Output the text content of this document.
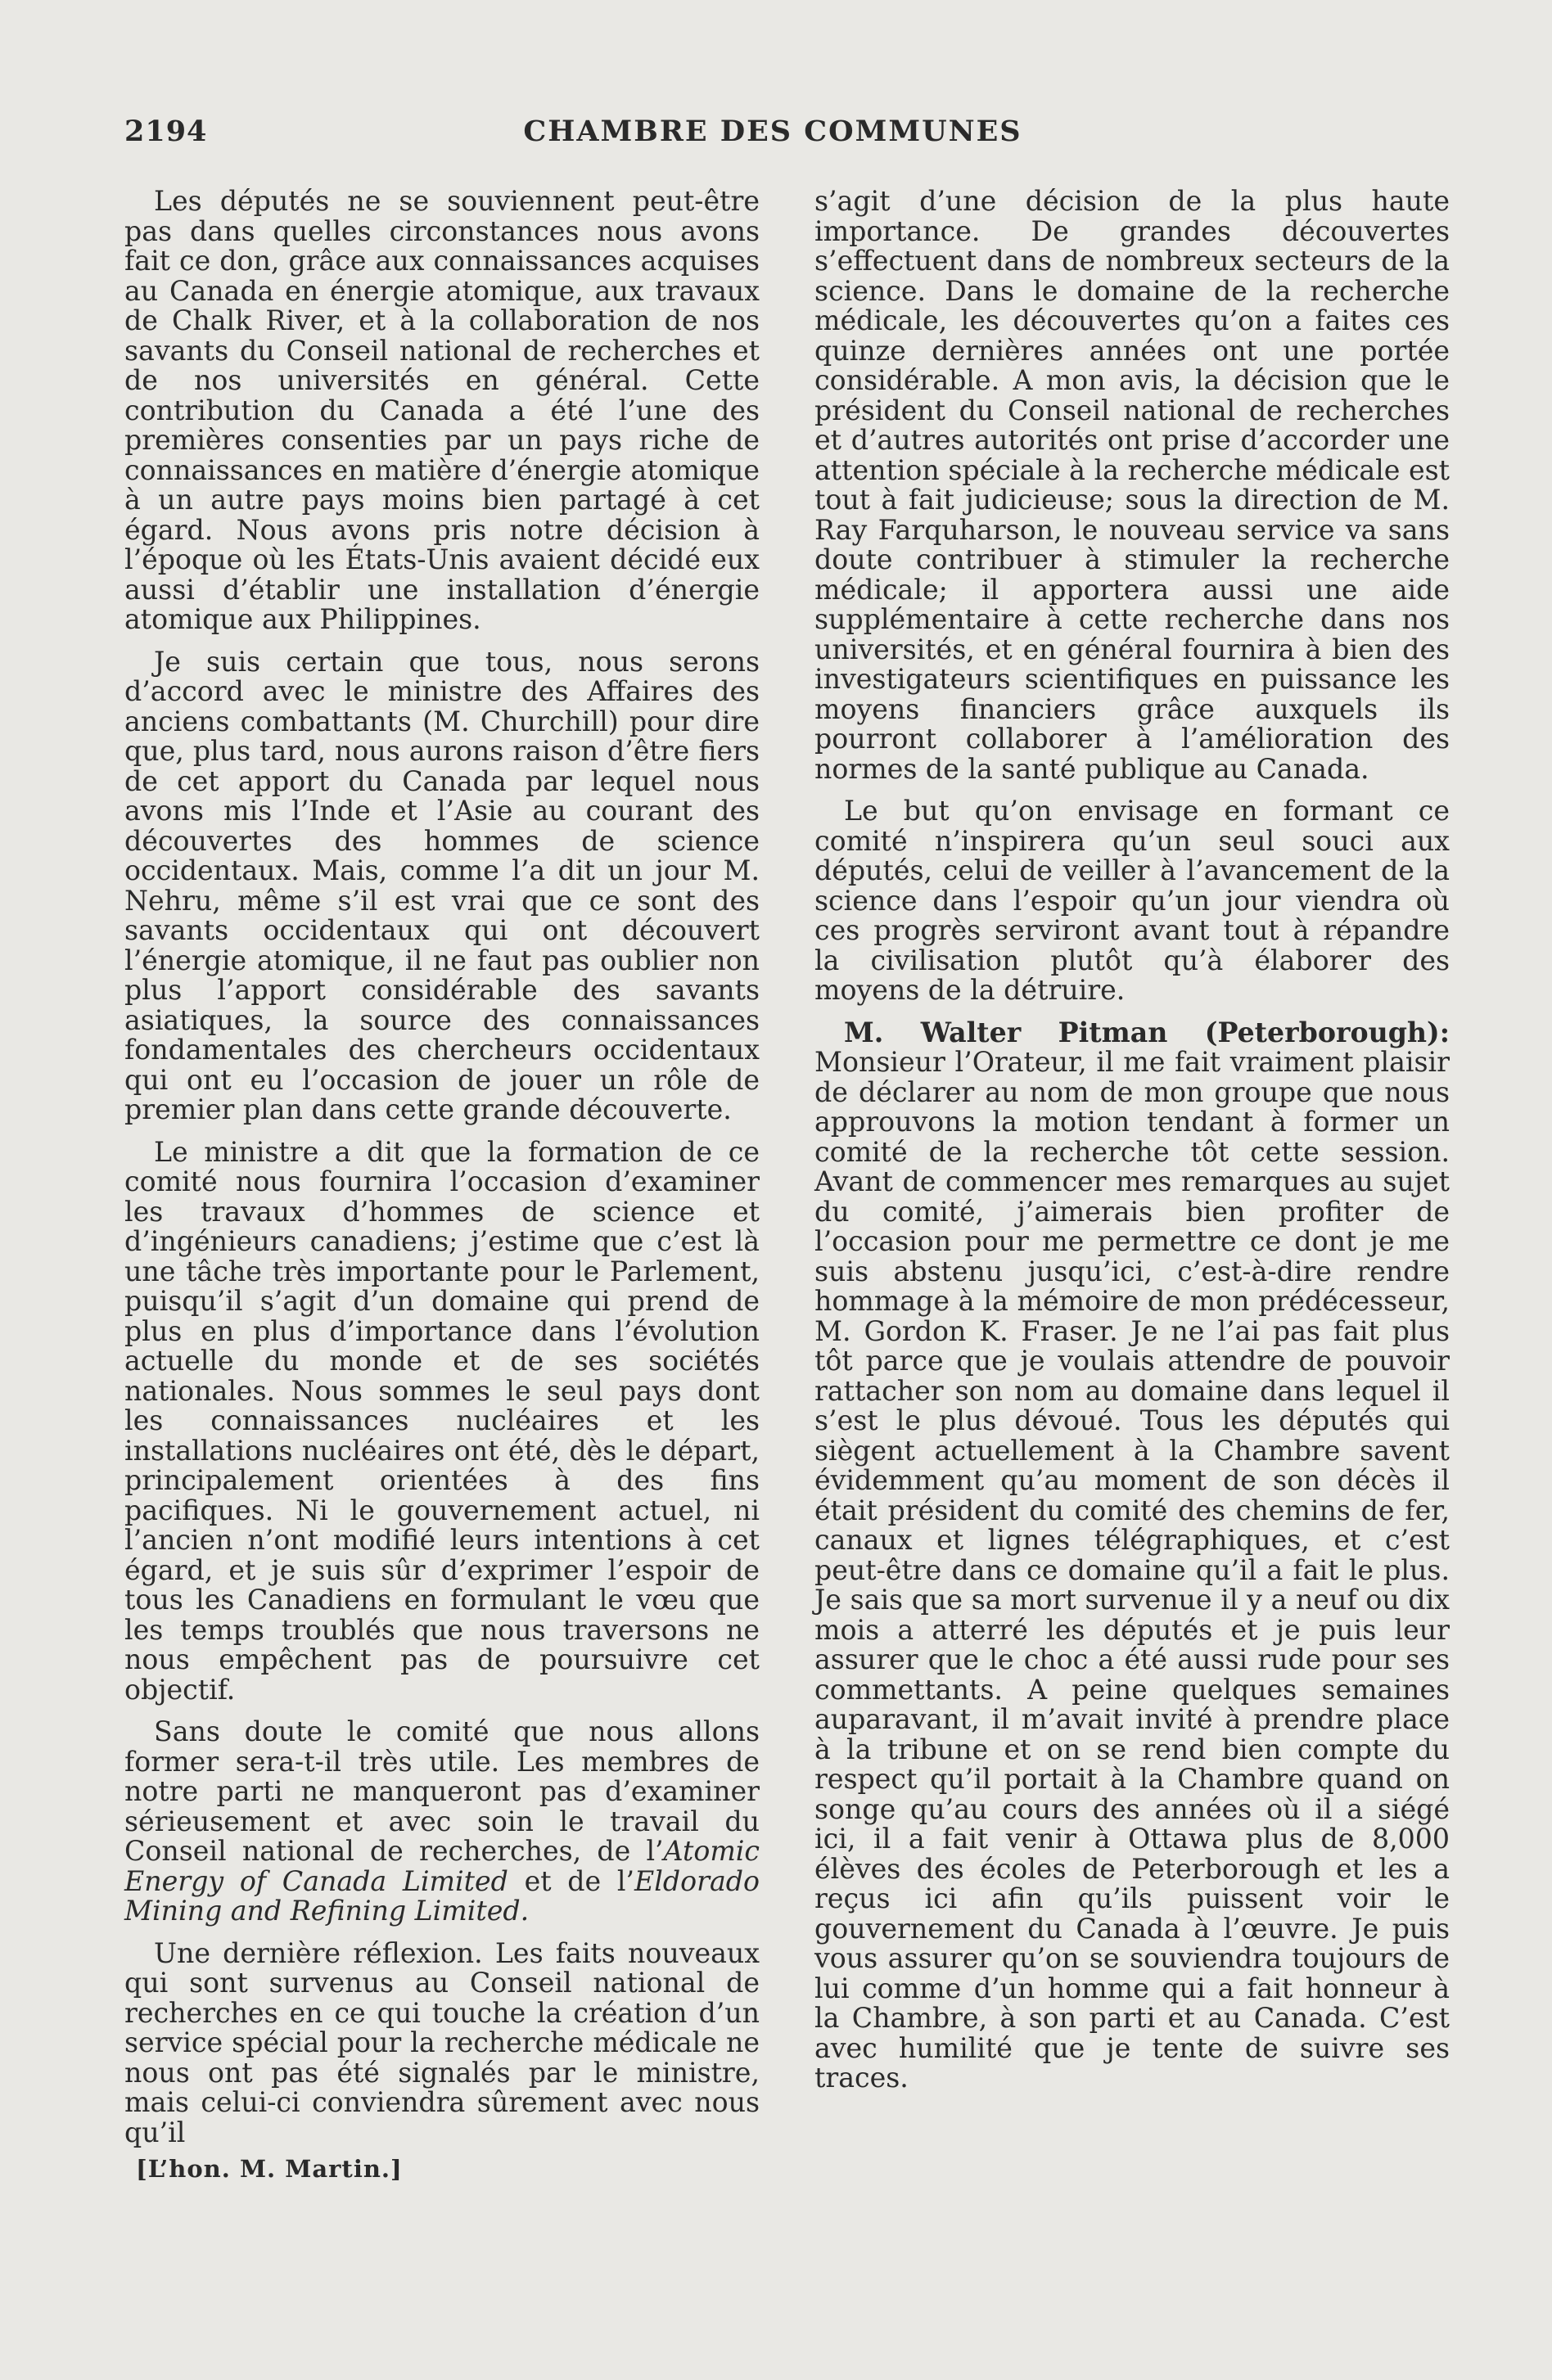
2194	CHAMBRE DES COMMUNES

Les députés ne se souviennent peut-être pas dans quelles circonstances nous avons fait ce don, grâce aux connaissances acquises au Canada en énergie atomique, aux travaux de Chalk River, et à la collaboration de nos savants du Conseil national de recherches et de nos universités en général. Cette contribution du Canada a été l’une des premières consenties par un pays riche de connaissances en matière d’énergie atomique à un autre pays moins bien partagé à cet égard. Nous avons pris notre décision à l’époque où les États-Unis avaient décidé eux aussi d’établir une installation d’énergie atomique aux Philippines.

Je suis certain que tous, nous serons d’accord avec le ministre des Affaires des anciens combattants (M. Churchill) pour dire que, plus tard, nous aurons raison d’être fiers de cet apport du Canada par lequel nous avons mis l’Inde et l’Asie au courant des découvertes des hommes de science occidentaux. Mais, comme l’a dit un jour M. Nehru, même s’il est vrai que ce sont des savants occidentaux qui ont découvert l’énergie atomique, il ne faut pas oublier non plus l’apport considérable des savants asiatiques, la source des connaissances fondamentales des chercheurs occidentaux qui ont eu l’occasion de jouer un rôle de premier plan dans cette grande découverte.

Le ministre a dit que la formation de ce comité nous fournira l’occasion d’examiner les travaux d’hommes de science et d’ingénieurs canadiens; j’estime que c’est là une tâche très importante pour le Parlement, puisqu’il s’agit d’un domaine qui prend de plus en plus d’importance dans l’évolution actuelle du monde et de ses sociétés nationales. Nous sommes le seul pays dont les connaissances nucléaires et les installations nucléaires ont été, dès le départ, principalement orientées à des fins pacifiques. Ni le gouvernement actuel, ni l’ancien n’ont modifié leurs intentions à cet égard, et je suis sûr d’exprimer l’espoir de tous les Canadiens en formulant le vœu que les temps troublés que nous traversons ne nous empêchent pas de poursuivre cet objectif.

Sans doute le comité que nous allons former sera-t-il très utile. Les membres de notre parti ne manqueront pas d’examiner sérieusement et avec soin le travail du Conseil national de recherches, de l’Atomic Energy of Canada Limited et de l’Eldorado Mining and Refining Limited.

Une dernière réflexion. Les faits nouveaux qui sont survenus au Conseil national de recherches en ce qui touche la création d’un service spécial pour la recherche médicale ne nous ont pas été signalés par le ministre, mais celui-ci conviendra sûrement avec nous qu’il

s’agit d’une décision de la plus haute importance. De grandes découvertes s’effectuent dans de nombreux secteurs de la science. Dans le domaine de la recherche médicale, les découvertes qu’on a faites ces quinze dernières années ont une portée considérable. A mon avis, la décision que le président du Conseil national de recherches et d’autres autorités ont prise d’accorder une attention spéciale à la recherche médicale est tout à fait judicieuse; sous la direction de M. Ray Farquharson, le nouveau service va sans doute contribuer à stimuler la recherche médicale; il apportera aussi une aide supplémentaire à cette recherche dans nos universités, et en général fournira à bien des investigateurs scientifiques en puissance les moyens financiers grâce auxquels ils pourront collaborer à l’amélioration des normes de la santé publique au Canada.

Le but qu’on envisage en formant ce comité n’inspirera qu’un seul souci aux députés, celui de veiller à l’avancement de la science dans l’espoir qu’un jour viendra où ces progrès serviront avant tout à répandre la civilisation plutôt qu’à élaborer des moyens de la détruire.

M. Walter Pitman (Peterborough): Monsieur l’Orateur, il me fait vraiment plaisir de déclarer au nom de mon groupe que nous approuvons la motion tendant à former un comité de la recherche tôt cette session. Avant de commencer mes remarques au sujet du comité, j’aimerais bien profiter de l’occasion pour me permettre ce dont je me suis abstenu jusqu’ici, c’est-à-dire rendre hommage à la mémoire de mon prédécesseur, M. Gordon K. Fraser. Je ne l’ai pas fait plus tôt parce que je voulais attendre de pouvoir rattacher son nom au domaine dans lequel il s’est le plus dévoué. Tous les députés qui siègent actuellement à la Chambre savent évidemment qu’au moment de son décès il était président du comité des chemins de fer, canaux et lignes télégraphiques, et c’est peut-être dans ce domaine qu’il a fait le plus. Je sais que sa mort survenue il y a neuf ou dix mois a atterré les députés et je puis leur assurer que le choc a été aussi rude pour ses commettants. A peine quelques semaines auparavant, il m’avait invité à prendre place à la tribune et on se rend bien compte du respect qu’il portait à la Chambre quand on songe qu’au cours des années où il a siégé ici, il a fait venir à Ottawa plus de 8,000 élèves des écoles de Peterborough et les a reçus ici afin qu’ils puissent voir le gouvernement du Canada à l’œuvre. Je puis vous assurer qu’on se souviendra toujours de lui comme d’un homme qui a fait honneur à la Chambre, à son parti et au Canada. C’est avec humilité que je tente de suivre ses traces.

[L’hon. M. Martin.]
